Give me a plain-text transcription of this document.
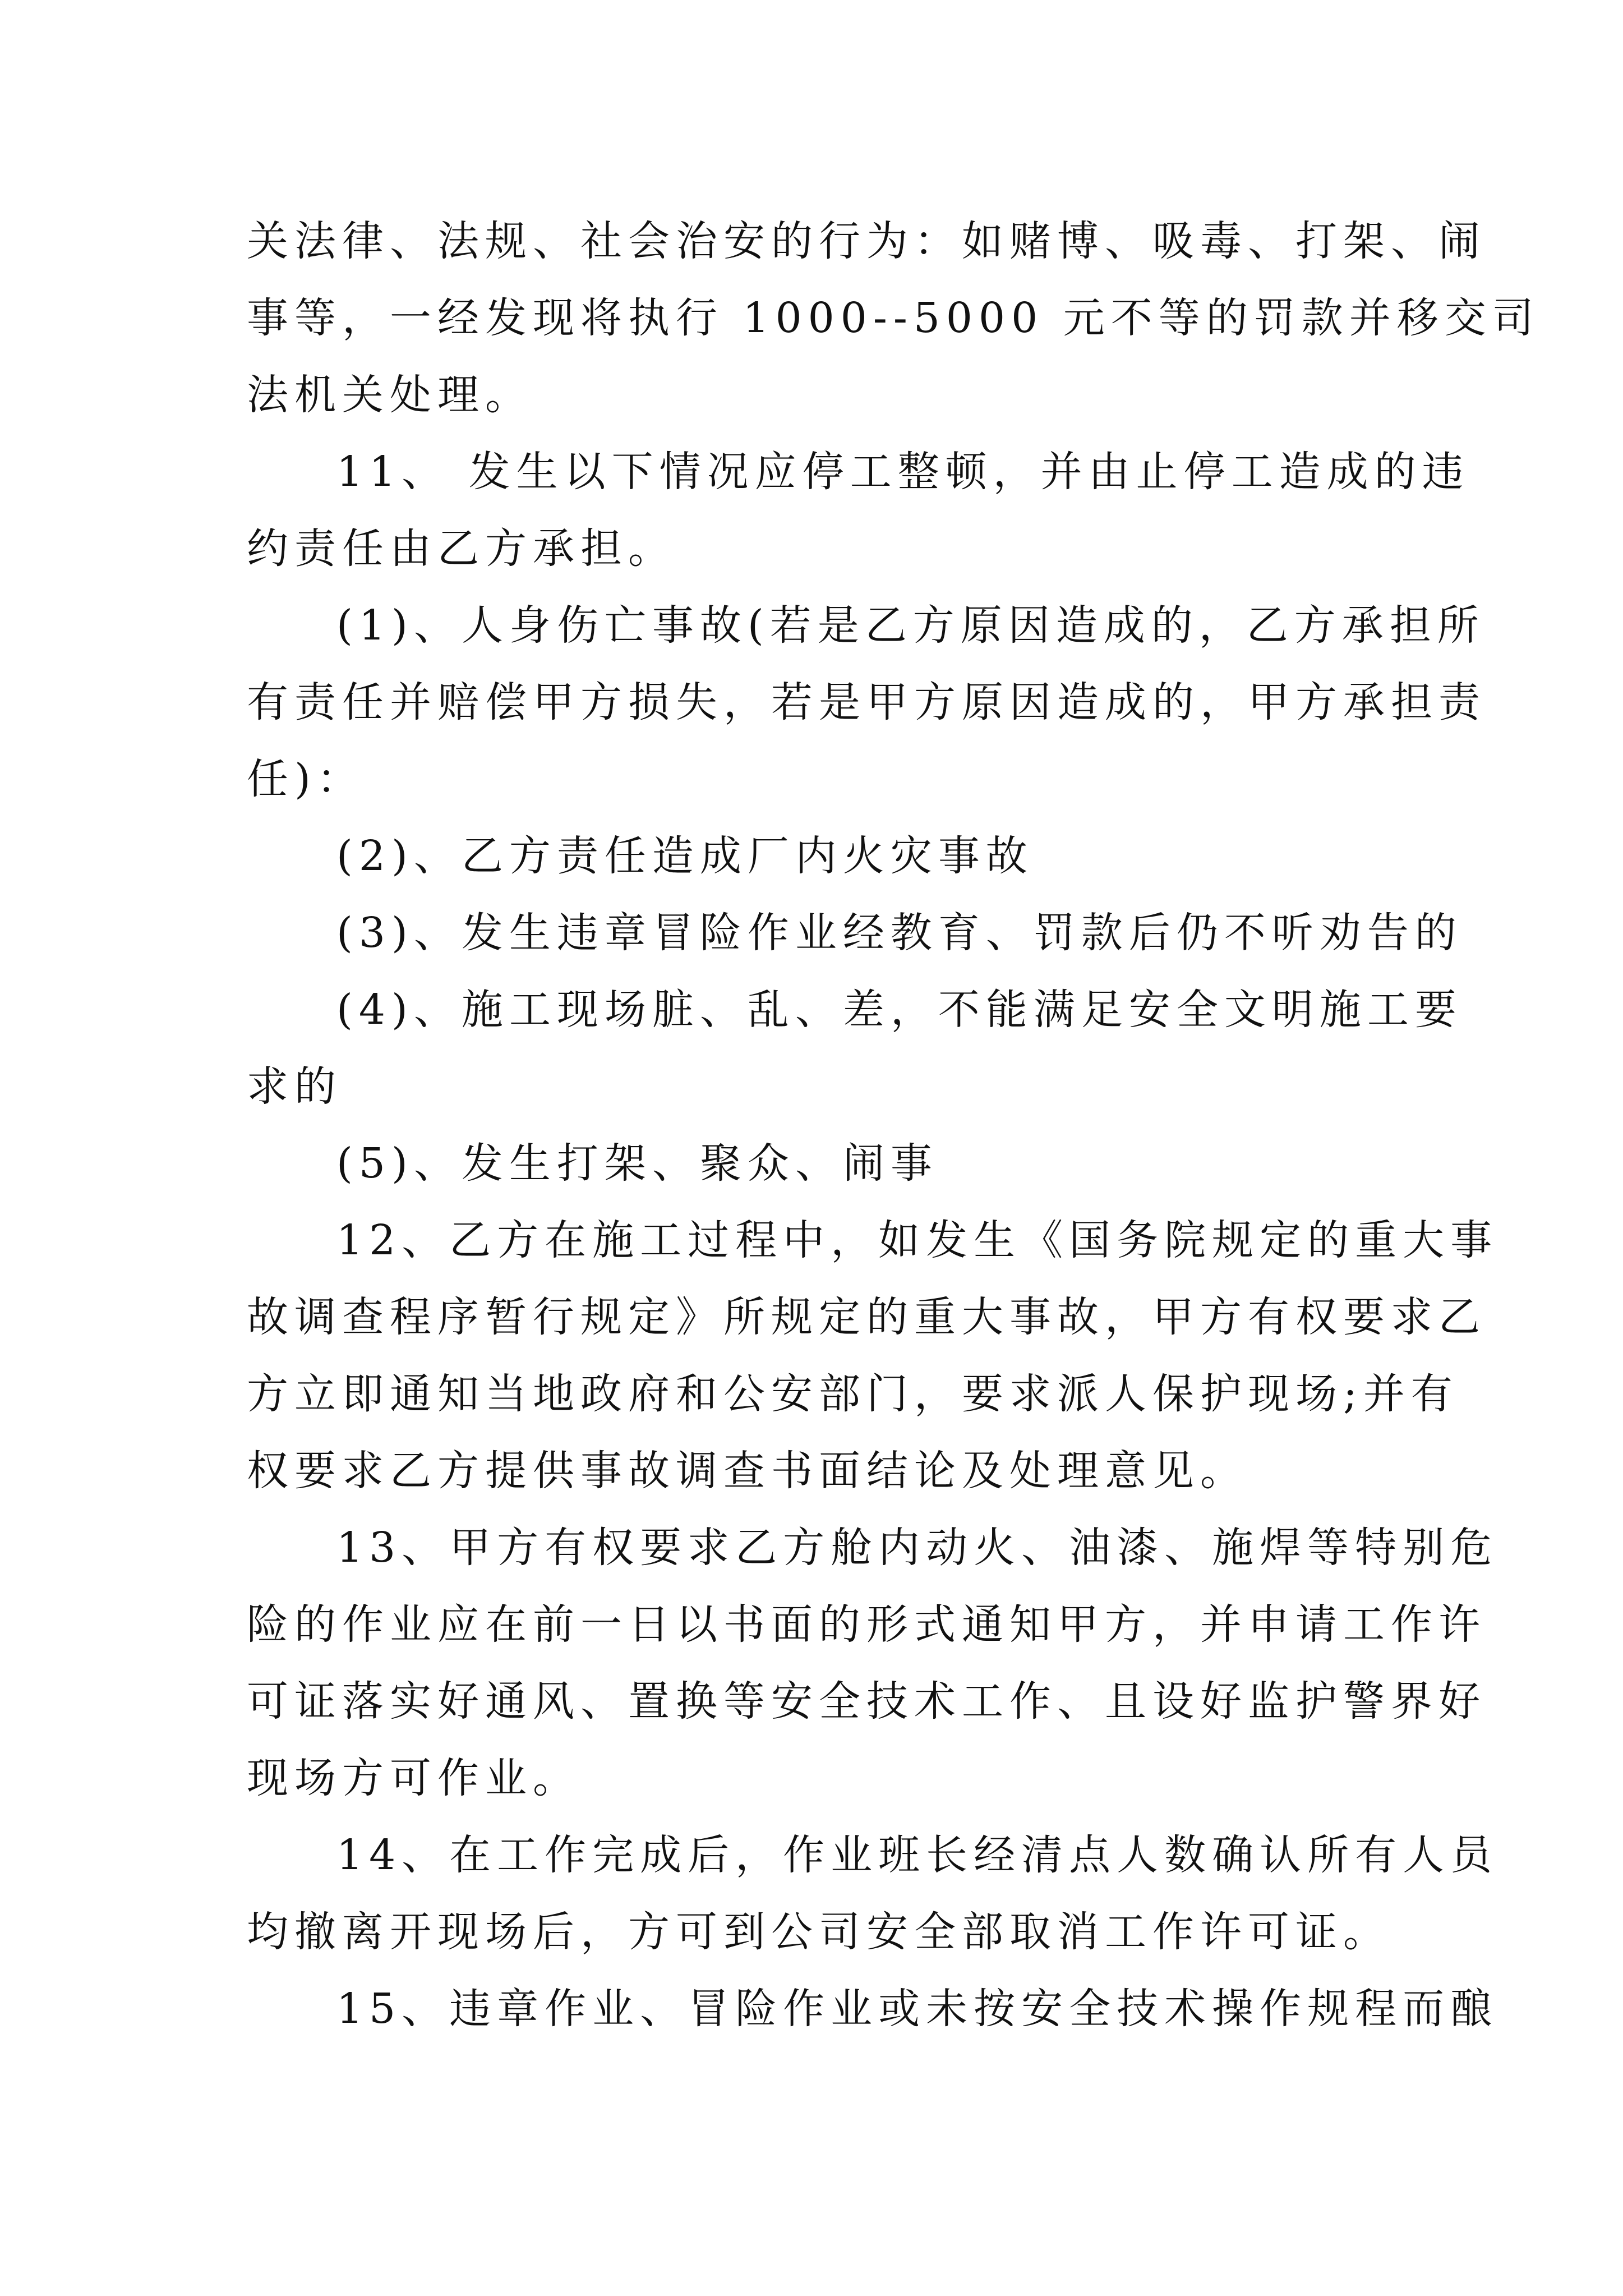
关法律、法规、社会治安的行为：如赌博、吸毒、打架、闹
事等，一经发现将执行 1000--5000 元不等的罚款并移交司
法机关处理。
11、 发生以下情况应停工整顿，并由止停工造成的违
约责任由乙方承担。
(1)、人身伤亡事故(若是乙方原因造成的，乙方承担所
有责任并赔偿甲方损失，若是甲方原因造成的，甲方承担责
任)：
(2)、乙方责任造成厂内火灾事故
(3)、发生违章冒险作业经教育、罚款后仍不听劝告的
(4)、施工现场脏、乱、差，不能满足安全文明施工要
求的
(5)、发生打架、聚众、闹事
12、乙方在施工过程中，如发生《国务院规定的重大事
故调查程序暂行规定》所规定的重大事故，甲方有权要求乙
方立即通知当地政府和公安部门，要求派人保护现场;并有
权要求乙方提供事故调查书面结论及处理意见。
13、甲方有权要求乙方舱内动火、油漆、施焊等特别危
险的作业应在前一日以书面的形式通知甲方，并申请工作许
可证落实好通风、置换等安全技术工作、且设好监护警界好
现场方可作业。
14、在工作完成后，作业班长经清点人数确认所有人员
均撤离开现场后，方可到公司安全部取消工作许可证。
15、违章作业、冒险作业或未按安全技术操作规程而酿
